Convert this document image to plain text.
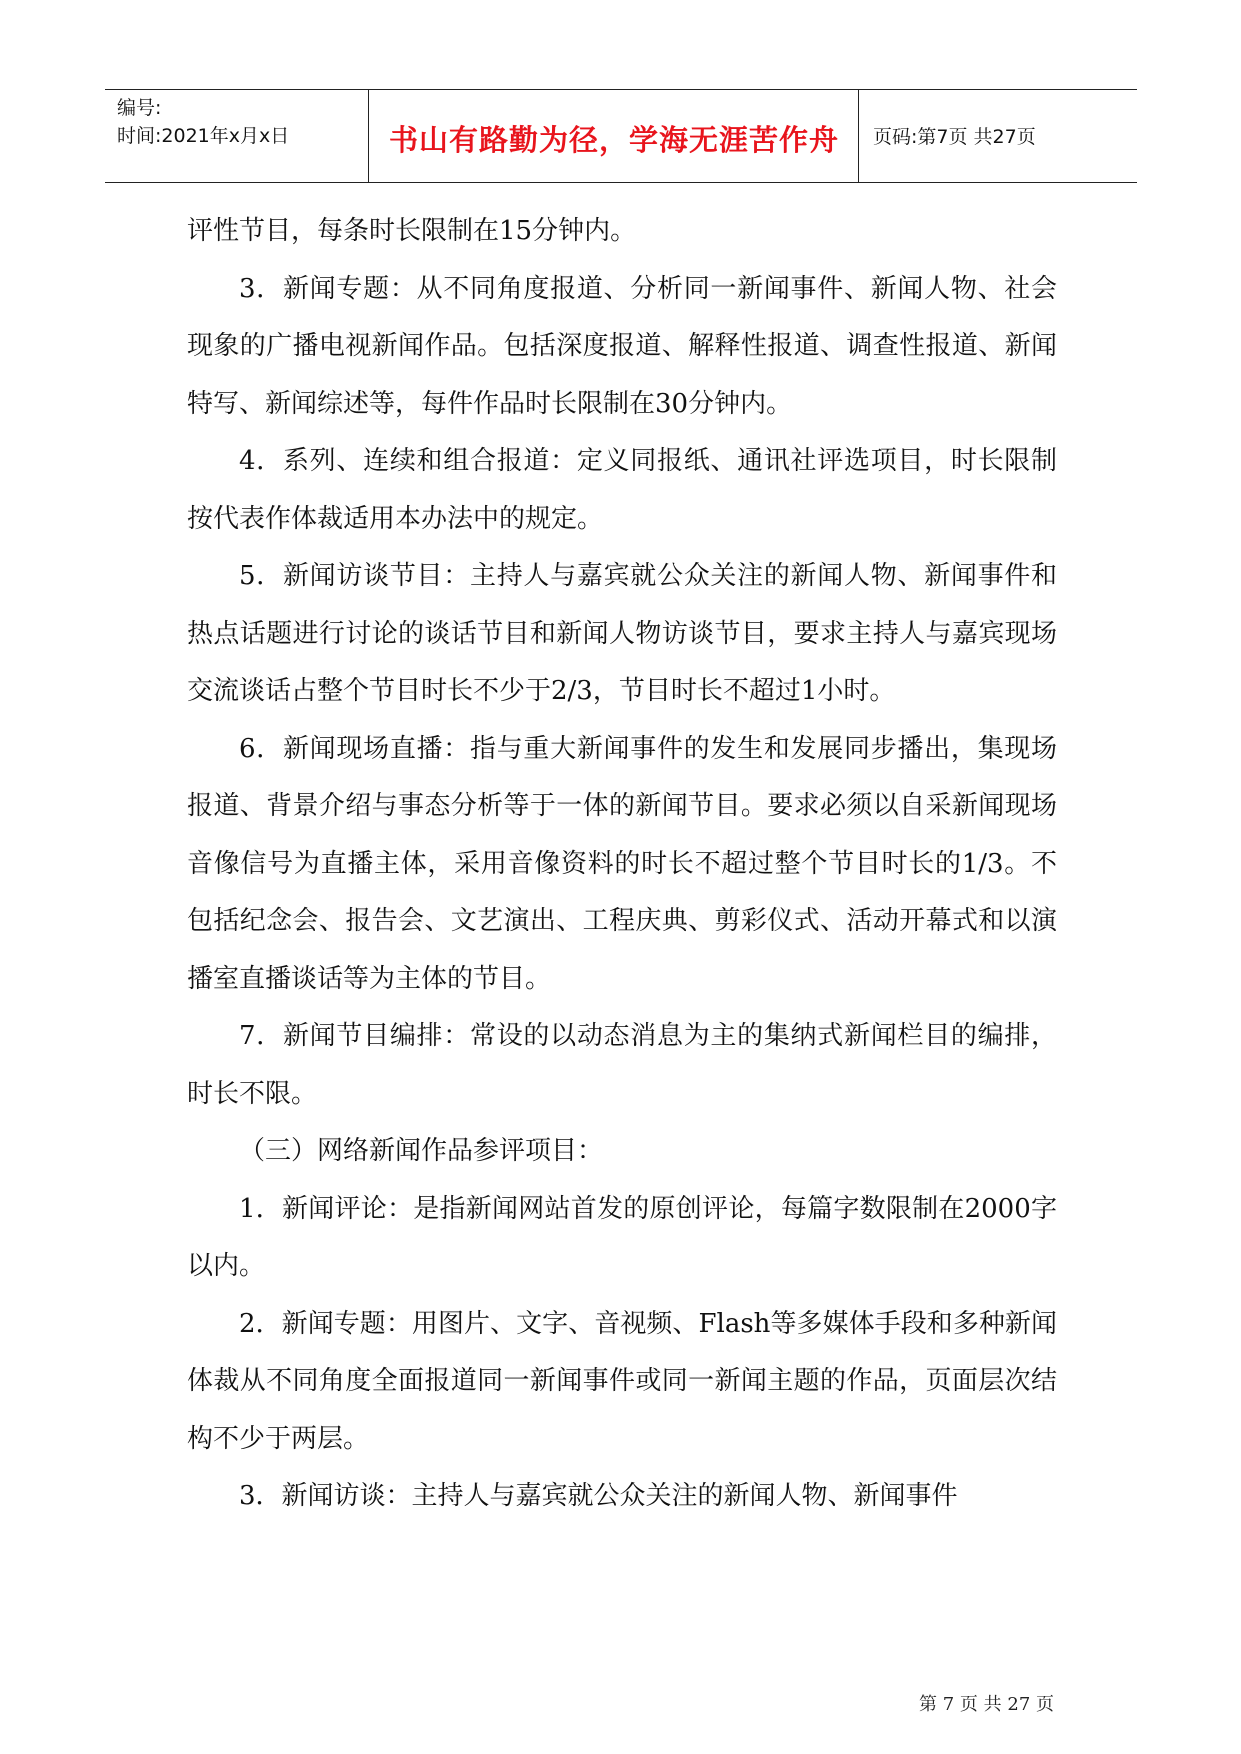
编号:
时间:2021年x月x日	书山有路勤为径，学海无涯苦作舟	页码:第7页 共27页

评性节目，每条时长限制在15分钟内。

3．新闻专题：从不同角度报道、分析同一新闻事件、新闻人物、社会现象的广播电视新闻作品。包括深度报道、解释性报道、调查性报道、新闻特写、新闻综述等，每件作品时长限制在30分钟内。

4．系列、连续和组合报道：定义同报纸、通讯社评选项目，时长限制按代表作体裁适用本办法中的规定。

5．新闻访谈节目：主持人与嘉宾就公众关注的新闻人物、新闻事件和热点话题进行讨论的谈话节目和新闻人物访谈节目，要求主持人与嘉宾现场交流谈话占整个节目时长不少于2/3，节目时长不超过1小时。

6．新闻现场直播：指与重大新闻事件的发生和发展同步播出，集现场报道、背景介绍与事态分析等于一体的新闻节目。要求必须以自采新闻现场音像信号为直播主体，采用音像资料的时长不超过整个节目时长的1/3。不包括纪念会、报告会、文艺演出、工程庆典、剪彩仪式、活动开幕式和以演播室直播谈话等为主体的节目。

7．新闻节目编排：常设的以动态消息为主的集纳式新闻栏目的编排，时长不限。

（三）网络新闻作品参评项目：

1．新闻评论：是指新闻网站首发的原创评论，每篇字数限制在2000字以内。

2．新闻专题：用图片、文字、音视频、Flash等多媒体手段和多种新闻体裁从不同角度全面报道同一新闻事件或同一新闻主题的作品，页面层次结构不少于两层。

3．新闻访谈：主持人与嘉宾就公众关注的新闻人物、新闻事件

第 7 页 共 27 页
